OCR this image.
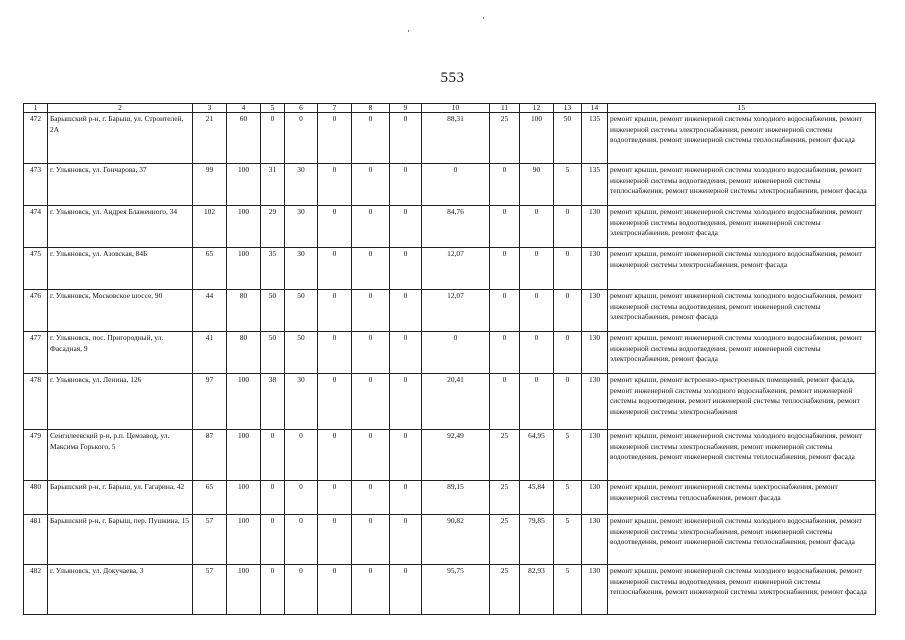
553
1	2	3	4	5	6	7	8	9	10	11	12	13	14	15
472	Барышский р-н, г. Барыш, ул. Строителей, 2А	21	60	0	0	0	0	0	88,31	25	100	50	135	ремонт крыши, ремонт инженерной системы холодного водоснабжения, ремонт инженерной системы электроснабжения, ремонт инженерной системы водоотведения, ремонт инженерной системы теплоснабжения, ремонт фасада
473	г. Ульяновск, ул. Гончарова, 37	99	100	31	30	0	0	0	0	0	90	5	135	ремонт крыши, ремонт инженерной системы холодного водоснабжения, ремонт инженерной системы водоотведения, ремонт инженерной системы теплоснабжения, ремонт инженерной системы электроснабжения, ремонт фасада
474	г. Ульяновск, ул. Андрея Блаженного, 34	102	100	29	30	0	0	0	84,76	0	0	0	130	ремонт крыши, ремонт инженерной системы холодного водоснабжения, ремонт инженерной системы водоотведения, ремонт инженерной системы электроснабжения, ремонт фасада
475	г. Ульяновск, ул. Азовская, 84Б	65	100	35	30	0	0	0	12,07	0	0	0	130	ремонт крыши, ремонт инженерной системы холодного водоснабжения, ремонт инженерной системы электроснабжения, ремонт фасада
476	г. Ульяновск, Московское шоссе, 90	44	80	50	50	0	0	0	12,07	0	0	0	130	ремонт крыши, ремонт инженерной системы холодного водоснабжения, ремонт инженерной системы водоотведения, ремонт инженерной системы электроснабжения, ремонт фасада
477	г. Ульяновск, пос. Пригородный, ул. Фасадная, 9	41	80	50	50	0	0	0	0	0	0	0	130	ремонт крыши, ремонт инженерной системы холодного водоснабжения, ремонт инженерной системы водоотведения, ремонт инженерной системы электроснабжения, ремонт фасада
478	г. Ульяновск, ул. Ленина, 126	97	100	38	30	0	0	0	20,41	0	0	0	130	ремонт крыши, ремонт встроенно-пристроенных помещений, ремонт фасада, ремонт инженерной системы холодного водоснабжения, ремонт инженерной системы водоотведения, ремонт инженерной системы теплоснабжения, ремонт инженерной системы электроснабжения
479	Сенгилеевский р-н, р.п. Цемзавод, ул. Максима Горького, 5	87	100	0	0	0	0	0	92,49	25	64,95	5	130	ремонт крыши, ремонт инженерной системы холодного водоснабжения, ремонт инженерной системы электроснабжения, ремонт инженерной системы водоотведения, ремонт инженерной системы теплоснабжения, ремонт фасада
480	Барышский р-н, г. Барыш, ул. Гагарина, 42	65	100	0	0	0	0	0	89,15	25	45,84	5	130	ремонт крыши, ремонт инженерной системы электроснабжения, ремонт инженерной системы теплоснабжения, ремонт фасада
481	Барышский р-н, г. Барыш, пер. Пушкина, 15	57	100	0	0	0	0	0	90,82	25	79,85	5	130	ремонт крыши, ремонт инженерной системы холодного водоснабжения, ремонт инженерной системы электроснабжения, ремонт инженерной системы водоотведения, ремонт инженерной системы теплоснабжения, ремонт фасада
482	г. Ульяновск, ул. Докучаева, 3	57	100	0	0	0	0	0	95,75	25	82,93	5	130	ремонт крыши, ремонт инженерной системы холодного водоснабжения, ремонт инженерной системы водоотведения, ремонт инженерной системы теплоснабжения, ремонт инженерной системы электроснабжения, ремонт фасада
